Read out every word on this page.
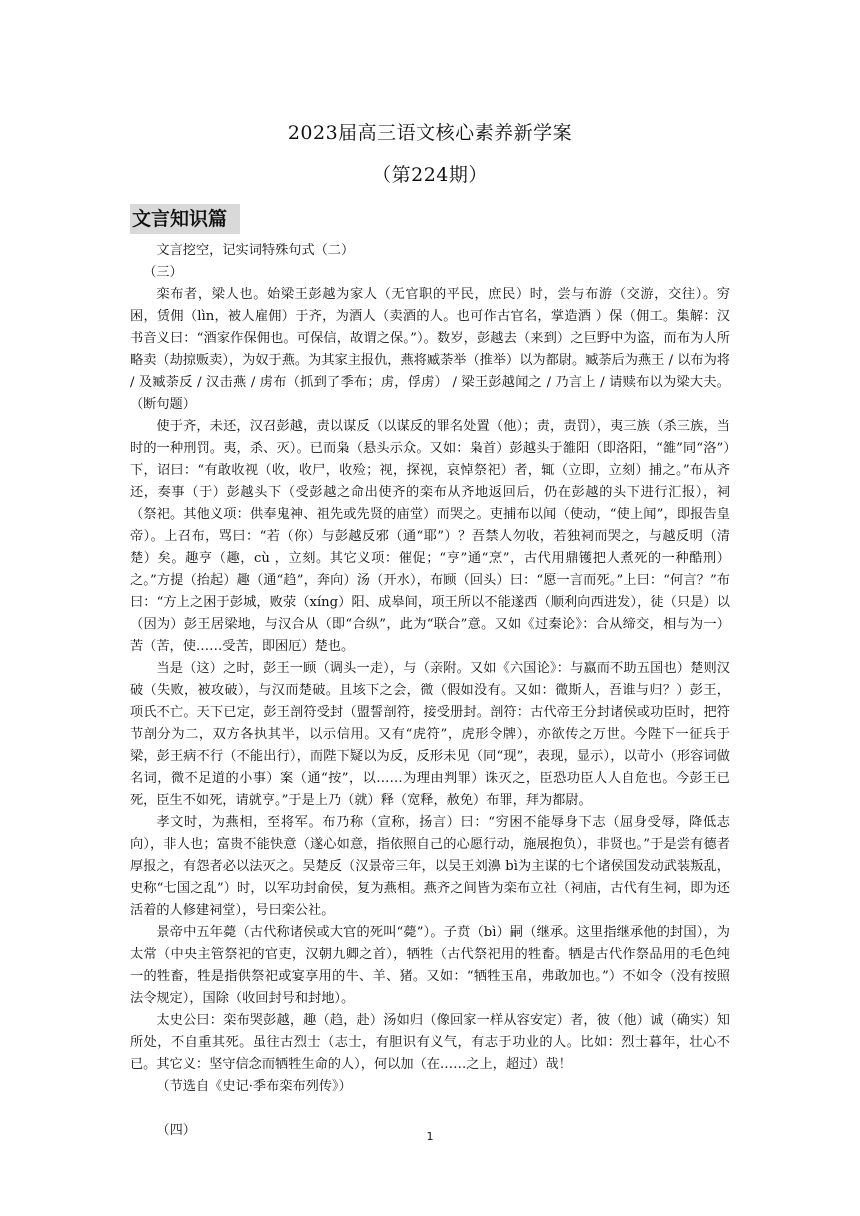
2023届高三语文核心素养新学案
（第224期）
文言知识篇

文言挖空，记实词特殊句式（二）

（三）

栾布者，梁人也。始梁王彭越为家人（无官职的平民，庶民）时，尝与布游（交游，交往）。穷困，赁佣（lìn，被人雇佣）于齐，为酒人（卖酒的人。也可作古官名，掌造酒 ）保（佣工。集解：汉书音义曰：“酒家作保佣也。可保信，故谓之保。”）。数岁，彭越去（来到）之巨野中为盗，而布为人所略卖（劫掠贩卖），为奴于燕。为其家主报仇，燕将臧荼举（推举）以为都尉。臧荼后为燕王 / 以布为将 / 及臧荼反 / 汉击燕 / 虏布（抓到了季布；虏，俘虏） / 梁王彭越闻之 / 乃言上 / 请赎布以为梁大夫。（断句题）

使于齐，未还，汉召彭越，责以谋反（以谋反的罪名处置（他）；责，责罚），夷三族（杀三族，当时的一种刑罚。夷，杀、灭）。已而枭（悬头示众。又如：枭首）彭越头于雒阳（即洛阳，“雒”同“洛”）下，诏曰：“有敢收视（收，收尸，收殓；视，探视，哀悼祭祀）者，辄（立即，立刻）捕之。”布从齐还，奏事（于）彭越头下（受彭越之命出使齐的栾布从齐地返回后，仍在彭越的头下进行汇报），祠（祭祀。其他义项：供奉鬼神、祖先或先贤的庙堂）而哭之。吏捕布以闻（使动，“使上闻”，即报告皇帝）。上召布，骂曰：“若（你）与彭越反邪（通“耶”）？吾禁人勿收，若独祠而哭之，与越反明（清楚）矣。趣亨（趣，cù ，立刻。其它义项：催促；“亨”通“烹”，古代用鼎镬把人煮死的一种酷刑）之。”方提（抬起）趣（通“趋”，奔向）汤（开水），布顾（回头）曰：“愿一言而死。”上曰：“何言？”布曰：“方上之困于彭城，败荥（xíng）阳、成皋间，项王所以不能遂西（顺利向西进发），徒（只是）以（因为）彭王居梁地，与汉合从（即“合纵”，此为“联合”意。又如《过秦论》：合从缔交，相与为一）苦（苦，使……受苦，即困厄）楚也。

当是（这）之时，彭王一顾（调头一走），与（亲附。又如《六国论》：与嬴而不助五国也）楚则汉破（失败，被攻破），与汉而楚破。且垓下之会，微（假如没有。又如：微斯人，吾谁与归？）彭王，项氏不亡。天下已定，彭王剖符受封（盟誓剖符，接受册封。剖符：古代帝王分封诸侯或功臣时，把符节剖分为二，双方各执其半，以示信用。又有“虎符”，虎形令牌），亦欲传之万世。今陛下一征兵于梁，彭王病不行（不能出行），而陛下疑以为反，反形未见（同“现”，表现，显示），以苛小（形容词做名词，微不足道的小事）案（通“按”，以……为理由判罪）诛灭之，臣恐功臣人人自危也。今彭王已死，臣生不如死，请就亨。”于是上乃（就）释（宽释，赦免）布罪，拜为都尉。

孝文时，为燕相，至将军。布乃称（宣称，扬言）曰：“穷困不能辱身下志（屈身受辱，降低志向），非人也；富贵不能快意（遂心如意，指依照自己的心愿行动，施展抱负），非贤也。”于是尝有德者厚报之，有怨者必以法灭之。吴楚反（汉景帝三年，以吴王刘濞 bì为主谋的七个诸侯国发动武装叛乱，史称“七国之乱”）时，以军功封俞侯，复为燕相。燕齐之间皆为栾布立社（祠庙，古代有生祠，即为还活着的人修建祠堂），号曰栾公社。

景帝中五年薨（古代称诸侯或大官的死叫“薨”）。子贲（bì）嗣（继承。这里指继承他的封国），为太常（中央主管祭祀的官吏，汉朝九卿之首），牺牲（古代祭祀用的牲畜。牺是古代作祭品用的毛色纯一的牲畜，牲是指供祭祀或宴享用的牛、羊、猪。又如：“牺牲玉帛，弗敢加也。”）不如令（没有按照法令规定），国除（收回封号和封地）。

太史公曰：栾布哭彭越，趣（趋，赴）汤如归（像回家一样从容安定）者，彼（他）诚（确实）知所处，不自重其死。虽往古烈士（志士，有胆识有义气，有志于功业的人。比如：烈士暮年，壮心不已。其它义：坚守信念而牺牲生命的人），何以加（在……之上，超过）哉！

（节选自《史记·季布栾布列传》）

（四）	1
